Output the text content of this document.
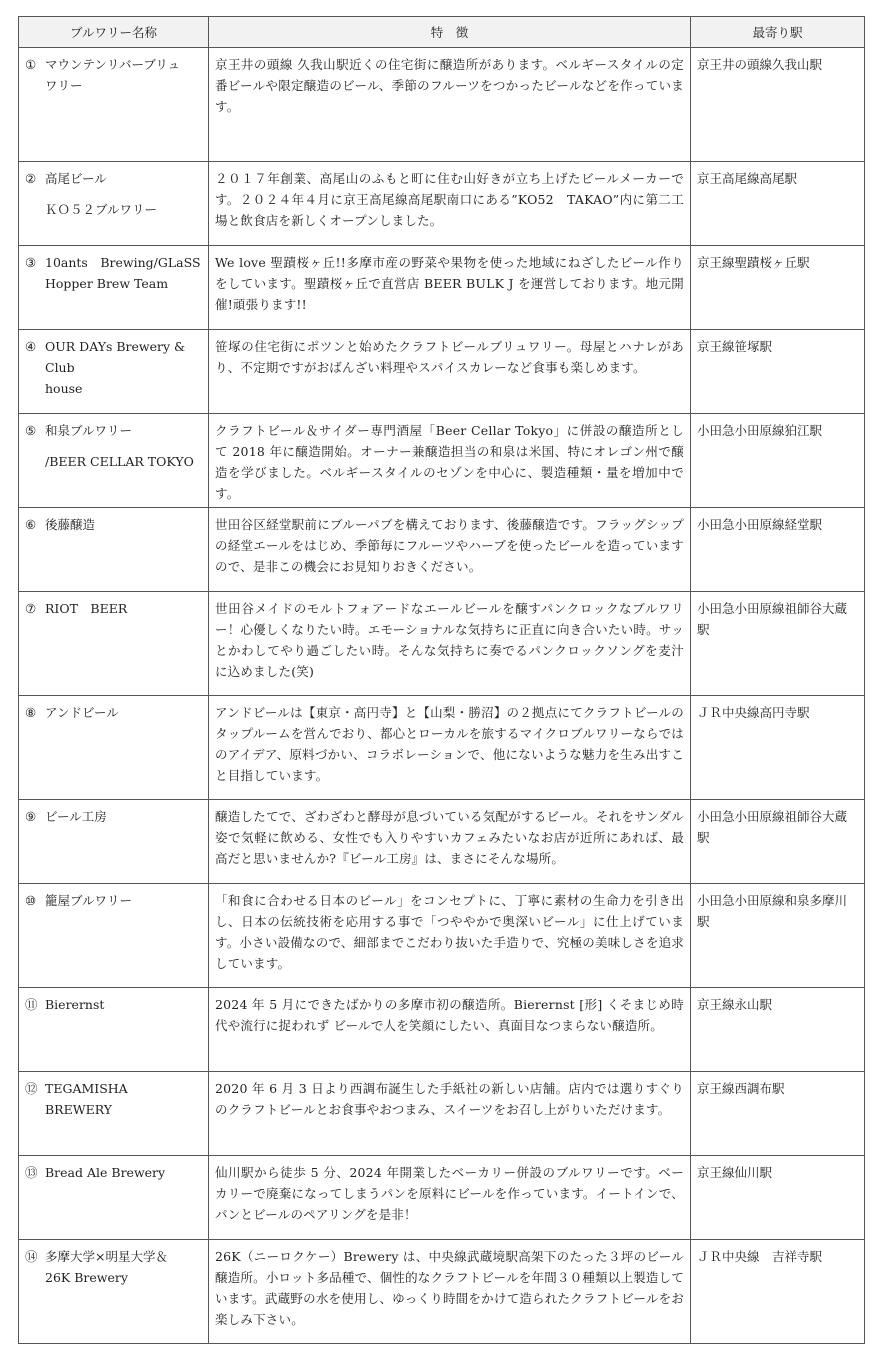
ブルワリー名称	特　徴	最寄り駅

① マウンテンリバーブリュ
ワリー	京王井の頭線 久我山駅近くの住宅街に醸造所があります。ベルギースタイルの定番ビールや限定醸造のビール、季節のフルーツをつかったビールなどを作っています。	京王井の頭線久我山駅

② 高尾ビール
ＫＯ５２ブルワリー	２０１７年創業、高尾山のふもと町に住む山好きが立ち上げたビールメーカーです。２０２４年４月に京王高尾線高尾駅南口にある”KO52　TAKAO”内に第二工場と飲食店を新しくオープンしました。	京王高尾線高尾駅

③ 10ants　Brewing/GLaSS
Hopper Brew Team	We love 聖蹟桜ヶ丘!!多摩市産の野菜や果物を使った地域にねざしたビール作りをしています。聖蹟桜ヶ丘で直営店 BEER BULK J を運営しております。地元開催!頑張ります!!	京王線聖蹟桜ヶ丘駅

④ OUR DAYs Brewery & Club
house	笹塚の住宅街にポツンと始めたクラフトビールブリュワリー。母屋とハナレがあり、不定期ですがおばんざい料理やスパイスカレーなど食事も楽しめます。	京王線笹塚駅

⑤ 和泉ブルワリー
/BEER CELLAR TOKYO	クラフトビール＆サイダー専門酒屋「Beer Cellar Tokyo」に併設の醸造所として 2018 年に醸造開始。オーナー兼醸造担当の和泉は米国、特にオレゴン州で醸造を学びました。ベルギースタイルのセゾンを中心に、製造種類・量を増加中です。	小田急小田原線狛江駅

⑥ 後藤醸造	世田谷区経堂駅前にブルーパブを構えております、後藤醸造です。フラッグシップの経堂エールをはじめ、季節毎にフルーツやハーブを使ったビールを造っていますので、是非この機会にお見知りおきください。	小田急小田原線経堂駅

⑦ RIOT　BEER	世田谷メイドのモルトフォアードなエールビールを醸すパンクロックなブルワリー！心優しくなりたい時。エモーショナルな気持ちに正直に向き合いたい時。サッとかわしてやり過ごしたい時。そんな気持ちに奏でるパンクロックソングを麦汁に込めました(笑)	小田急小田原線祖師谷大蔵駅

⑧ アンドビール	アンドビールは【東京・高円寺】と【山梨・勝沼】の２拠点にてクラフトビールのタップルームを営んでおり、都心とローカルを旅するマイクロブルワリーならではのアイデア、原料づかい、コラボレーションで、他にないような魅力を生み出すこと目指しています。	ＪＲ中央線高円寺駅

⑨ ビール工房	醸造したてで、ざわざわと酵母が息づいている気配がするビール。それをサンダル姿で気軽に飲める、女性でも入りやすいカフェみたいなお店が近所にあれば、最高だと思いませんか?『ビール工房』は、まさにそんな場所。	小田急小田原線祖師谷大蔵駅

⑩ 籠屋ブルワリー	「和食に合わせる日本のビール」をコンセプトに、丁寧に素材の生命力を引き出し、日本の伝統技術を応用する事で「つややかで奥深いビール」に仕上げています。小さい設備なので、細部までこだわり抜いた手造りで、究極の美味しさを追求しています。	小田急小田原線和泉多摩川駅

⑪ Bierernst	2024 年 5 月にできたばかりの多摩市初の醸造所。Bierernst [形] くそまじめ時代や流行に捉われず ビールで人を笑顔にしたい、真面目なつまらない醸造所。	京王線永山駅

⑫ TEGAMISHA　BREWERY	2020 年 6 月 3 日より西調布誕生した手紙社の新しい店舗。店内では選りすぐりのクラフトビールとお食事やおつまみ、スイーツをお召し上がりいただけます。	京王線西調布駅

⑬ Bread Ale Brewery	仙川駅から徒歩 5 分、2024 年開業したベーカリー併設のブルワリーです。ベーカリーで廃棄になってしまうパンを原料にビールを作っています。イートインで、パンとビールのペアリングを是非！	京王線仙川駅

⑭ 多摩大学×明星大学＆
26K Brewery	26K（ニーロクケー）Brewery は、中央線武蔵境駅高架下のたった３坪のビール醸造所。小ロット多品種で、個性的なクラフトビールを年間３０種類以上製造しています。武蔵野の水を使用し、ゆっくり時間をかけて造られたクラフトビールをお楽しみ下さい。	ＪＲ中央線　吉祥寺駅
